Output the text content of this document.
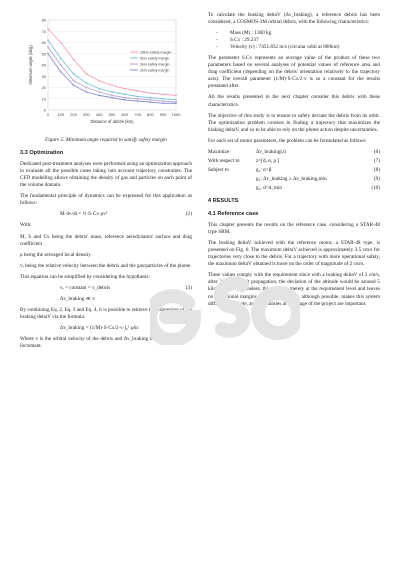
0
10
20
30
40
50
60
70
80
0 100 200 300 400 500 600 700 800 900 1000
Distance of debris (km)
Minimum angle (deg)	10km safety margin
5km safety margin
3km safety margin
2km safety margin
Figure 5: Minimum angle required to satisfy safety margin
3.3 Optimization

Dedicated post-treatment analyses were performed using an optimization approach to evaluate all the possible cases taking into account trajectory constraints. The CFD modelling allows obtaining the density of gas and particles on each point of the volume domain.

The fundamental principle of dynamics can be expressed for this application as follows:

M·dv/dt = ½·S·Cx·ρv²	(2)

With:

M, S and Cx being the debris' mass, reference aerodynamic surface and drag coefficient

ρ being the averaged local density

vᵣ being the relative velocity between the debris and the gas/particles of the plume

This equation can be simplified by considering the hypothesis:

vᵣ = constant = v_debris	(3)
Δv_braking ≪ v	(4)

By combining Eq. 2, Eq. 3 and Eq. 4, it is possible to retrieve the expression of the braking deltaV via the formula:

Δv_braking = (1/M)·S·Cx/2·v·∫₀ᴸ ρδx	(5)

Where v is the orbital velocity of the debris and Δv_braking the braking velocity increment.

To calculate the braking deltaV (Δv_braking), a reference debris has been considered, a COSMOS-3M orbital debris, with the following characteristics:

- Mass (M) : 1360 kg
- S.Cx : 29.237
- Velocity (v) : 7451.832 m/s (circular orbit at 800km)

The parameter S.Cx represents an average value of the product of these two parameters based on several analyses of potential values of reference area and drag coefficient (depending on the debris' orientation relatively to the trajectory axis). The overall parameter (1/M)·S·Cx/2·v is so a constant for the results presented after.

All the results presented in the next chapter consider this debris with these characteristics.

The objective of this study is to ensure to safely deviate the debris from its orbit. The optimization problem consists in finding a trajectory that maximizes the braking deltaV, and so to be able to rely on the plume action despite uncertainties.

For each set of motor parameters, the problem can be formulated as follows:

Maximize	Δv_braking(z)	(6)
With respect to	z=[d, α, p ]	(7)
Subject to	g₁: α>β	(8)
g₂: Δv_braking ≥ Δv_braking,min	(9)
g₃: d>d_min	(10)
4 RESULTS
4.1 Reference case

This chapter presents the results on the reference case, considering a STAR-48 type SRM.

The braking deltaV achieved with the reference motor, a STAR-48 type, is presented on Fig. 6. The maximum deltaV achieved is approximately 3.5 cm/s for trajectories very close to the debris. For a trajectory with more operational safety, the maximum deltaV obtained is more on the order of magnitude of 2 cm/s.

These values comply with the requirement since with a braking deltaV of 2 cm/s, after 24 hours orbit propagation, the deviation of the altitude would be around 5 kilometers. Nevertheless, this value is merely at the requirement level and leaves no operational margins. This configuration, although possible, makes this system difficult to operate, as uncertainties at this stage of the project are important.
